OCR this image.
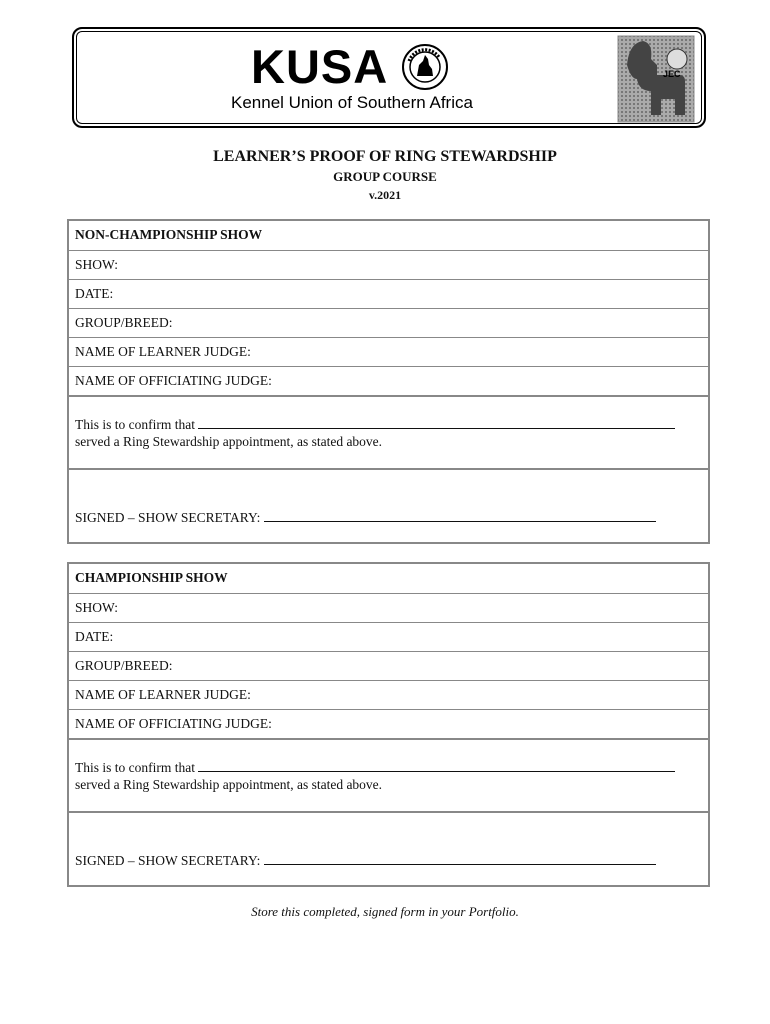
KUSA
Kennel Union of Southern Africa
JEC
LEARNER’S PROOF OF RING STEWARDSHIP
GROUP COURSE
v.2021
NON-CHAMPIONSHIP SHOW
SHOW:
DATE:
GROUP/BREED:
NAME OF LEARNER JUDGE:
NAME OF OFFICIATING JUDGE:
This is to confirm that
served a Ring Stewardship appointment, as stated above.
SIGNED – SHOW SECRETARY:
CHAMPIONSHIP SHOW
SHOW:
DATE:
GROUP/BREED:
NAME OF LEARNER JUDGE:
NAME OF OFFICIATING JUDGE:
This is to confirm that
served a Ring Stewardship appointment, as stated above.
SIGNED – SHOW SECRETARY:
Store this completed, signed form in your Portfolio.
